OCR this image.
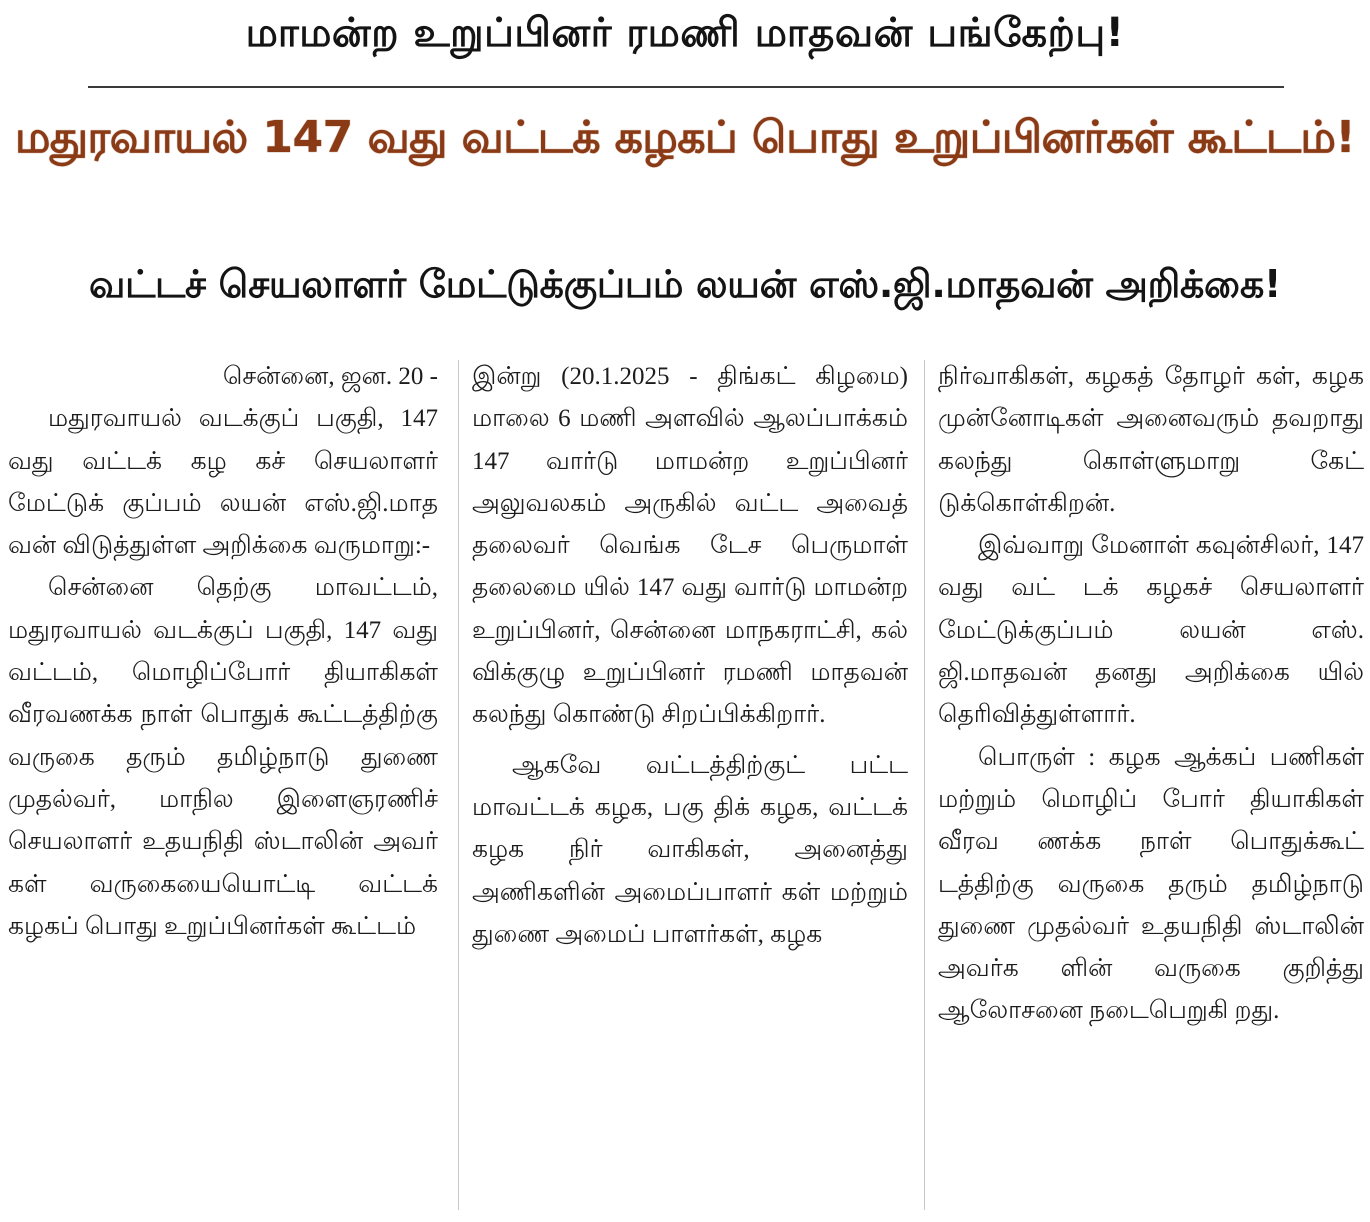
மாமன்ற உறுப்பினர் ரமணி மாதவன் பங்கேற்பு!
மதுரவாயல் 147 வது வட்டக் கழகப் பொது உறுப்பினர்கள் கூட்டம்!
வட்டச் செயலாளர் மேட்டுக்குப்பம் லயன் எஸ்.ஜி.மாதவன் அறிக்கை!

சென்னை, ஜன. 20 -

மதுரவாயல் வடக்குப் பகுதி, 147 வது வட்டக் கழ கச் செயலாளர் மேட்டுக் குப்பம் லயன் எஸ்.ஜி.மாத வன் விடுத்துள்ள அறிக்கை வருமாறு:-

சென்னை தெற்கு மாவட்டம், மதுரவாயல் வடக்குப் பகுதி, 147 வது வட்டம், மொழிப்போர் தியாகிகள் வீரவணக்க நாள் பொதுக் கூட்டத்திற்கு வருகை தரும் தமிழ்நாடு துணை முதல்வர், மாநில இளைஞரணிச் செயலாளர் உதயநிதி ஸ்டாலின் அவர் கள் வருகையையொட்டி வட்டக் கழகப் பொது உறுப்பினர்கள் கூட்டம்

இன்று (20.1.2025 - திங்கட் கிழமை) மாலை 6 மணி அளவில் ஆலப்பாக்கம் 147 வார்டு மாமன்ற உறுப்பினர் அலுவலகம் அருகில் வட்ட அவைத் தலைவர் வெங்க டேச பெருமாள் தலைமை யில் 147 வது வார்டு மாமன்ற உறுப்பினர், சென்னை மாநகராட்சி, கல் விக்குழு உறுப்பினர் ரமணி மாதவன் கலந்து கொண்டு சிறப்பிக்கிறார்.

ஆகவே வட்டத்திற்குட் பட்ட மாவட்டக் கழக, பகு திக் கழக, வட்டக் கழக நிர் வாகிகள், அனைத்து அணிகளின் அமைப்பாளர் கள் மற்றும் துணை அமைப் பாளர்கள், கழக

நிர்வாகிகள், கழகத் தோழர் கள், கழக முன்னோடிகள் அனைவரும் தவறாது கலந்து கொள்ளுமாறு கேட் டுக்கொள்கிறன்.

இவ்வாறு மேனாள் கவுன்சிலர், 147 வது வட் டக் கழகச் செயலாளர் மேட்டுக்குப்பம் லயன் எஸ். ஜி.மாதவன் தனது அறிக்கை யில் தெரிவித்துள்ளார்.

பொருள் : கழக ஆக்கப் பணிகள் மற்றும் மொழிப் போர் தியாகிகள் வீரவ ணக்க நாள் பொதுக்கூட் டத்திற்கு வருகை தரும் தமிழ்நாடு துணை முதல்வர் உதயநிதி ஸ்டாலின் அவர்க ளின் வருகை குறித்து ஆலோசனை நடைபெறுகி றது.
